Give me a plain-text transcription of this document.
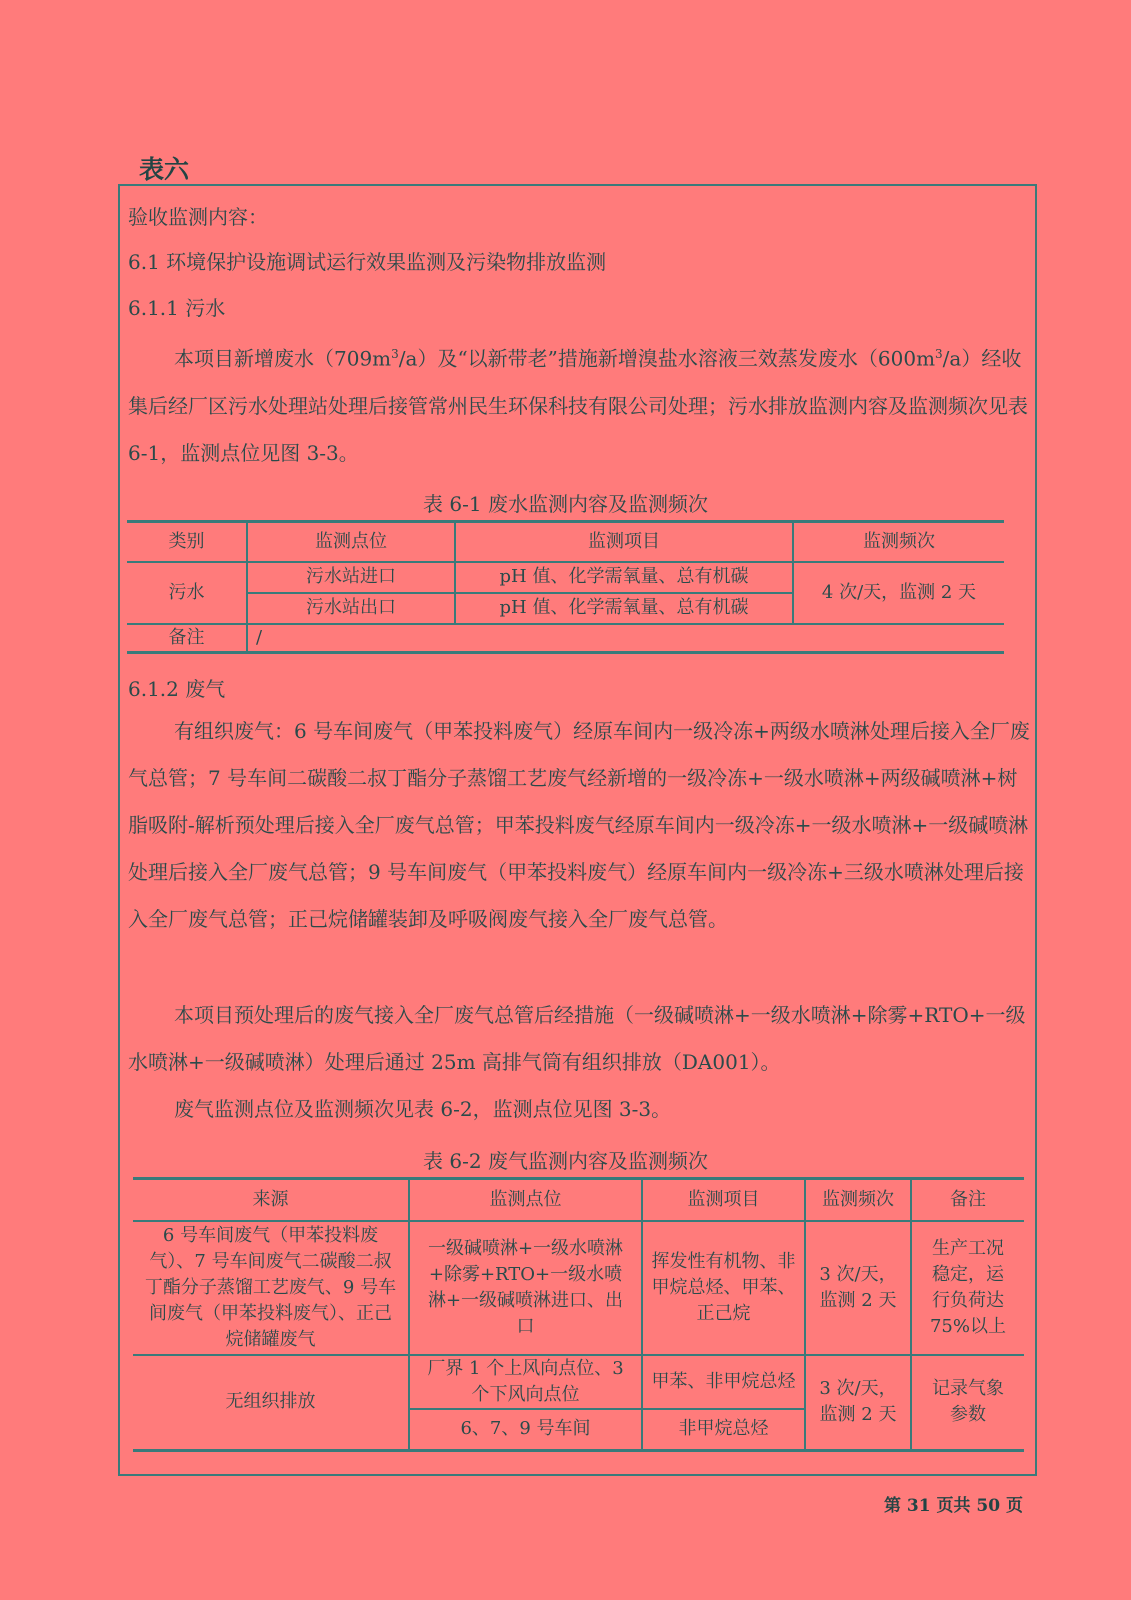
表六
验收监测内容：
6.1 环境保护设施调试运行效果监测及污染物排放监测
6.1.1 污水

本项目新增废水$(709m^3/a)$及“以新带老”措施新增溴盐水溶液三效蒸发废水$(600m^3/a)$经收集后经厂区污水处理站处理后接管常州民生环保科技有限公司处理；污水排放监测内容及监测频次见表 6-1，监测点位见图 3-3。

表 6-1 废水监测内容及监测频次
类别	监测点位	监测项目	监测频次
污水	污水站进口	pH 值、化学需氧量、总有机碳	4 次/天，监测 2 天
	污水站出口	pH 值、化学需氧量、总有机碳	
备注	/		
6.1.2 废气

有组织废气：6 号车间废气（甲苯投料废气）经原车间内一级冷冻+两级水喷淋处理后接入全厂废气总管；7 号车间二碳酸二叔丁酯分子蒸馏工艺废气经新增的一级冷冻+一级水喷淋+两级碱喷淋+树脂吸附-解析预处理后接入全厂废气总管；甲苯投料废气经原车间内一级冷冻+一级水喷淋+一级碱喷淋处理后接入全厂废气总管；9 号车间废气（甲苯投料废气）经原车间内一级冷冻+三级水喷淋处理后接入全厂废气总管；正己烷储罐装卸及呼吸阀废气接入全厂废气总管。

本项目预处理后的废气接入全厂废气总管后经措施（一级碱喷淋+一级水喷淋+除雾+RTO+一级水喷淋+一级碱喷淋）处理后通过 25m 高排气筒有组织排放（DA001）。

废气监测点位及监测频次见表 6-2，监测点位见图 3-3。

表 6-2 废气监测内容及监测频次
来源	监测点位	监测项目	监测频次	备注
6 号车间废气（甲苯投料废气）、7 号车间废气二碳酸二叔丁酯分子蒸馏工艺废气、9 号车间废气（甲苯投料废气）、正己烷储罐废气	一级碱喷淋+一级水喷淋+除雾+RTO+一级水喷淋+一级碱喷淋进口、出口	挥发性有机物、非甲烷总烃、甲苯、正己烷	3 次/天，监测 2 天	生产工况稳定，运行负荷达 75%以上
无组织排放	厂界 1 个上风向点位、3 个下风向点位	甲苯、非甲烷总烃	3 次/天，监测 2 天	记录气象参数
	6、7、9 号车间	非甲烷总烃		
第 31 页共 50 页
